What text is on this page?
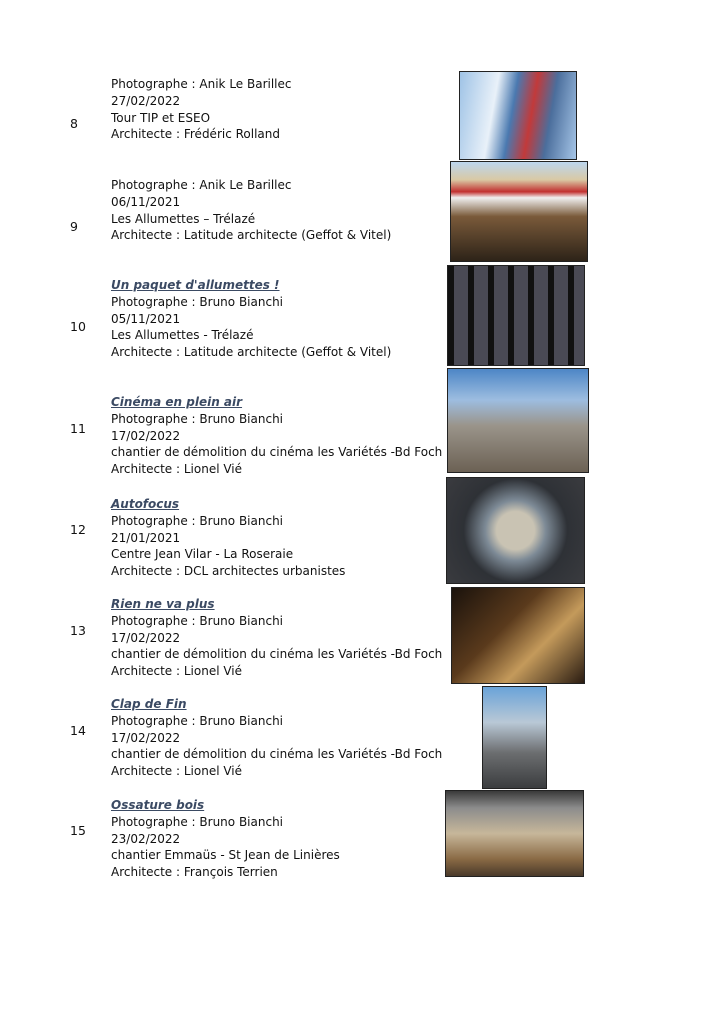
8
Photographe : Anik Le Barillec
27/02/2022
Tour TIP et ESEO
Architecte : Frédéric Rolland
9
Photographe : Anik Le Barillec
06/11/2021
Les Allumettes – Trélazé
Architecte : Latitude architecte (Geffot & Vitel)
10
Un paquet d'allumettes !
Photographe : Bruno Bianchi
05/11/2021
Les Allumettes - Trélazé
Architecte : Latitude architecte (Geffot & Vitel)
11
Cinéma en plein air
Photographe : Bruno Bianchi
17/02/2022
chantier de démolition du cinéma les Variétés -Bd Foch
Architecte : Lionel Vié
12
Autofocus
Photographe : Bruno Bianchi
21/01/2021
Centre Jean Vilar - La Roseraie
Architecte : DCL architectes urbanistes
13
Rien ne va plus
Photographe : Bruno Bianchi
17/02/2022
chantier de démolition du cinéma les Variétés -Bd Foch
Architecte : Lionel Vié
14
Clap de Fin
Photographe : Bruno Bianchi
17/02/2022
chantier de démolition du cinéma les Variétés -Bd Foch
Architecte : Lionel Vié
15
Ossature bois
Photographe : Bruno Bianchi
23/02/2022
chantier Emmaüs - St Jean de Linières
Architecte : François Terrien
